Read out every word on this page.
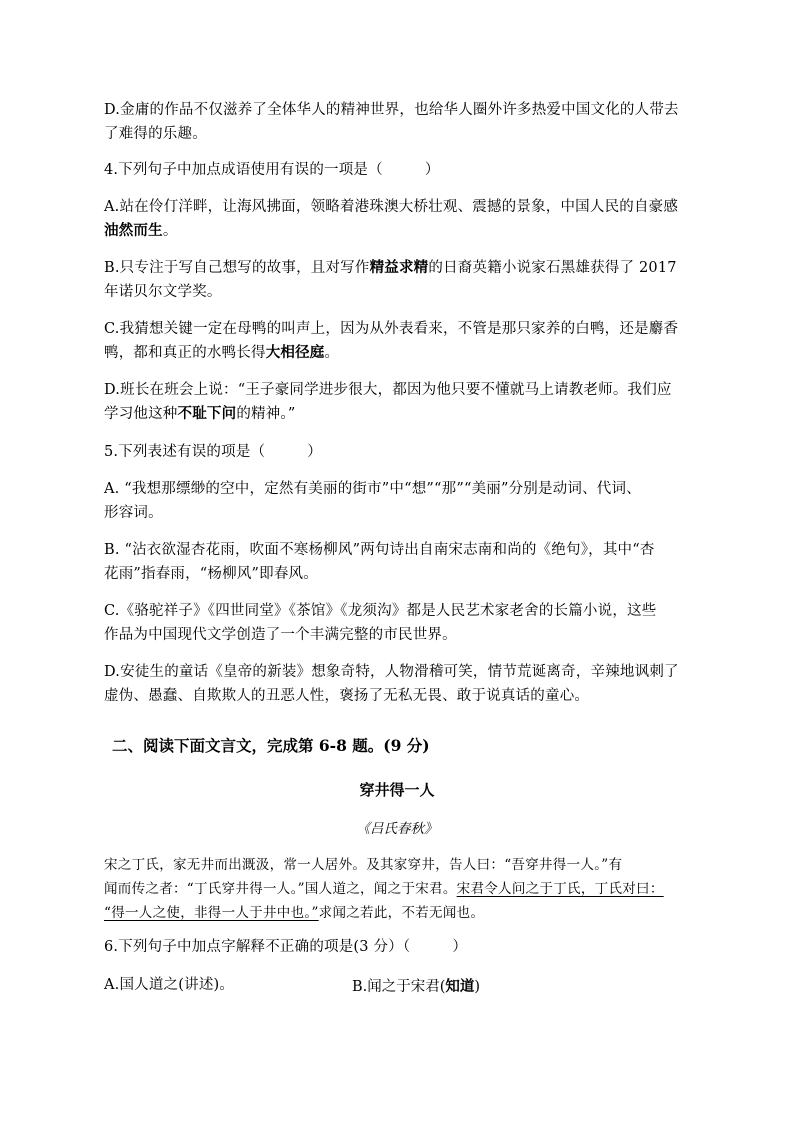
D.金庸的作品不仅滋养了全体华人的精神世界，也给华人圈外许多热爱中国文化的人带去
了难得的乐趣。
4.下列句子中加点成语使用有误的一项是（	）
A.站在伶仃洋畔，让海风拂面，领略着港珠澳大桥壮观、震撼的景象，中国人民的自豪感
油然而生。
B.只专注于写自己想写的故事，且对写作精益求精的日裔英籍小说家石黑雄获得了 2017
年诺贝尔文学奖。
C.我猜想关键一定在母鸭的叫声上，因为从外表看来，不管是那只家养的白鸭，还是麝香
鸭，都和真正的水鸭长得大相径庭。
D.班长在班会上说：“王子豪同学进步很大，都因为他只要不懂就马上请教老师。我们应
学习他这种不耻下问的精神。”
5.下列表述有误的项是（	）
A. “我想那缥缈的空中，定然有美丽的街市”中“想”“那”“美丽”分别是动词、代词、
形容词。
B. “沾衣欲湿杏花雨，吹面不寒杨柳风”两句诗出自南宋志南和尚的《绝句》，其中“杏
花雨”指春雨，“杨柳风”即春风。
C.《骆驼祥子》《四世同堂》《茶馆》《龙须沟》都是人民艺术家老舍的长篇小说，这些
作品为中国现代文学创造了一个丰满完整的市民世界。
D.安徒生的童话《皇帝的新装》想象奇特，人物滑稽可笑，情节荒诞离奇，辛辣地讽刺了
虚伪、愚蠢、自欺欺人的丑恶人性，褒扬了无私无畏、敢于说真话的童心。
二、阅读下面文言文，完成第 6-8 题。(9 分)
穿井得一人
《吕氏春秋》
宋之丁氏，家无井而出溉汲，常一人居外。及其家穿井，告人曰：“吾穿井得一人。”有
闻而传之者：“丁氏穿井得一人。”国人道之，闻之于宋君。宋君令人问之于丁氏，丁氏对曰：
“得一人之使，非得一人于井中也。”求闻之若此，不若无闻也。
6.下列句子中加点字解释不正确的项是(3 分）（	）
A.国人道之(讲述)。	B.闻之于宋君(知道)
